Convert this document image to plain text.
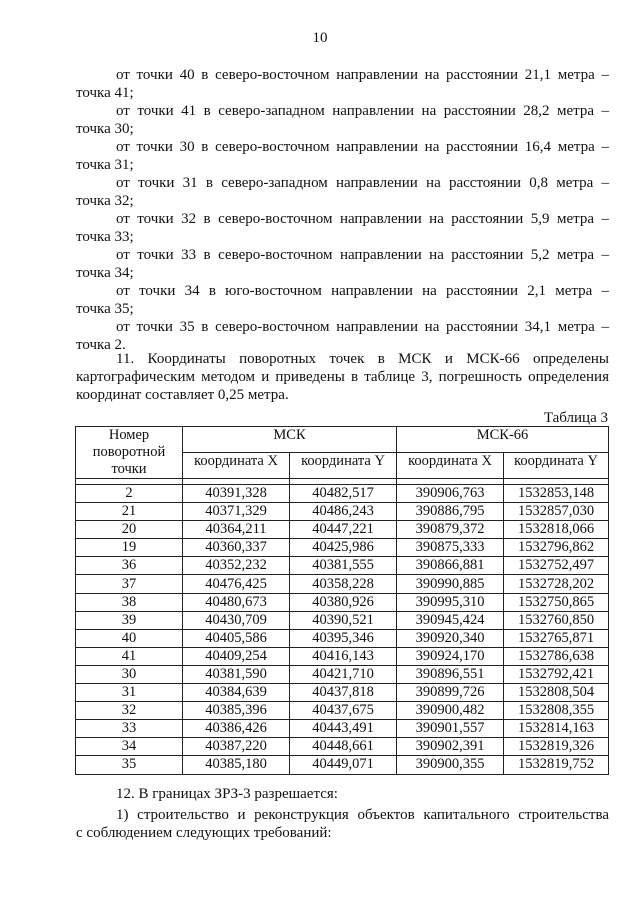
10
от точки 40 в северо-восточном направлении на расстоянии 21,1 метра –
точка 41;
от точки 41 в северо-западном направлении на расстоянии 28,2 метра –
точка 30;
от точки 30 в северо-восточном направлении на расстоянии 16,4 метра –
точка 31;
от точки 31 в северо-западном направлении на расстоянии 0,8 метра –
точка 32;
от точки 32 в северо-восточном направлении на расстоянии 5,9 метра –
точка 33;
от точки 33 в северо-восточном направлении на расстоянии 5,2 метра –
точка 34;
от точки 34 в юго-восточном направлении на расстоянии 2,1 метра –
точка 35;
от точки 35 в северо-восточном направлении на расстоянии 34,1 метра –
точка 2.
11. Координаты поворотных точек в МСК и МСК-66 определены
картографическим методом и приведены в таблице 3, погрешность определения
координат составляет 0,25 метра.
Таблица 3
Номер поворотной точки	МСК		МСК-66	
	координата X	координата Y	координата X	координата Y

2	40391,328	40482,517	390906,763	1532853,148
21	40371,329	40486,243	390886,795	1532857,030
20	40364,211	40447,221	390879,372	1532818,066
19	40360,337	40425,986	390875,333	1532796,862
36	40352,232	40381,555	390866,881	1532752,497
37	40476,425	40358,228	390990,885	1532728,202
38	40480,673	40380,926	390995,310	1532750,865
39	40430,709	40390,521	390945,424	1532760,850
40	40405,586	40395,346	390920,340	1532765,871
41	40409,254	40416,143	390924,170	1532786,638
30	40381,590	40421,710	390896,551	1532792,421
31	40384,639	40437,818	390899,726	1532808,504
32	40385,396	40437,675	390900,482	1532808,355
33	40386,426	40443,491	390901,557	1532814,163
34	40387,220	40448,661	390902,391	1532819,326
35	40385,180	40449,071	390900,355	1532819,752
12. В границах ЗРЗ-3 разрешается:
1) строительство и реконструкция объектов капитального строительства
с соблюдением следующих требований:
